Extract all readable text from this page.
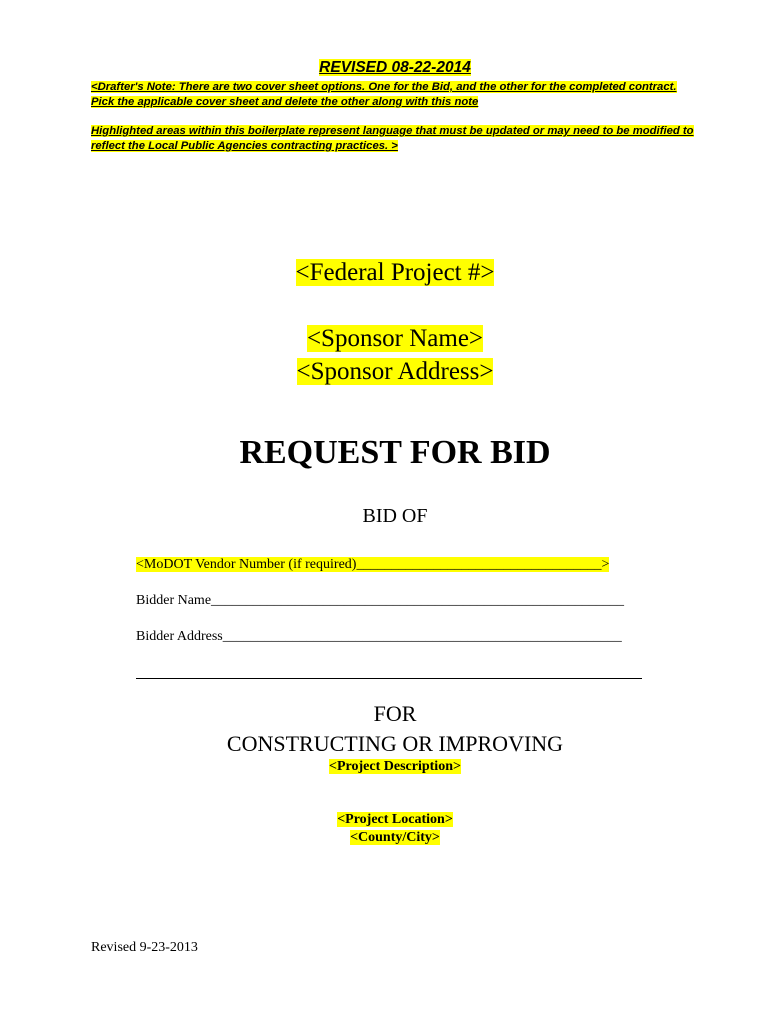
REVISED 08-22-2014
<Drafter's Note: There are two cover sheet options. One for the Bid, and the other for the completed contract. Pick the applicable cover sheet and delete the other along with this note
Highlighted areas within this boilerplate represent language that must be updated or may need to be modified to reflect the Local Public Agencies contracting practices. >
<Federal Project #>
<Sponsor Name>
<Sponsor Address>
REQUEST FOR BID
BID OF
<MoDOT Vendor Number (if required)___________________________________>
Bidder Name___________________________________________________________
Bidder Address_________________________________________________________
FOR
CONSTRUCTING OR IMPROVING
<Project Description>
<Project Location>
<County/City>
Revised 9-23-2013
